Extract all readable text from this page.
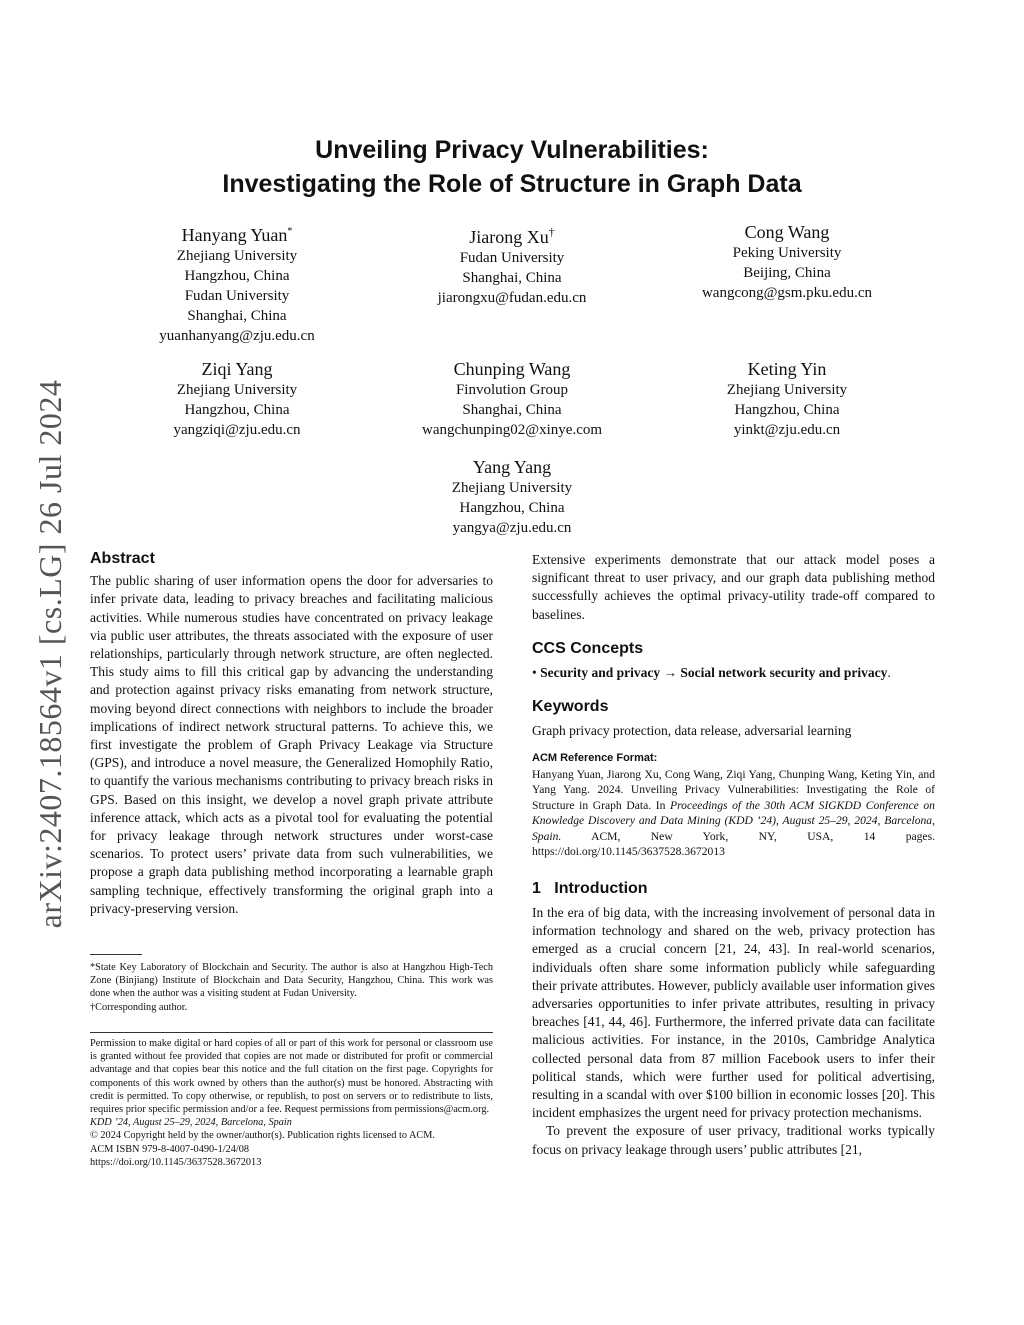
arXiv:2407.18564v1 [cs.LG] 26 Jul 2024
Unveiling Privacy Vulnerabilities:
Investigating the Role of Structure in Graph Data
Hanyang Yuan*
Zhejiang University
Hangzhou, China
Fudan University
Shanghai, China
yuanhanyang@zju.edu.cn
Jiarong Xu†
Fudan University
Shanghai, China
jiarongxu@fudan.edu.cn
Cong Wang
Peking University
Beijing, China
wangcong@gsm.pku.edu.cn
Ziqi Yang
Zhejiang University
Hangzhou, China
yangziqi@zju.edu.cn
Chunping Wang
Finvolution Group
Shanghai, China
wangchunping02@xinye.com
Keting Yin
Zhejiang University
Hangzhou, China
yinkt@zju.edu.cn
Yang Yang
Zhejiang University
Hangzhou, China
yangya@zju.edu.cn
Abstract

The public sharing of user information opens the door for adversaries to infer private data, leading to privacy breaches and facilitating malicious activities. While numerous studies have concentrated on privacy leakage via public user attributes, the threats associated with the exposure of user relationships, particularly through network structure, are often neglected. This study aims to fill this critical gap by advancing the understanding and protection against privacy risks emanating from network structure, moving beyond direct connections with neighbors to include the broader implications of indirect network structural patterns. To achieve this, we first investigate the problem of Graph Privacy Leakage via Structure (GPS), and introduce a novel measure, the Generalized Homophily Ratio, to quantify the various mechanisms contributing to privacy breach risks in GPS. Based on this insight, we develop a novel graph private attribute inference attack, which acts as a pivotal tool for evaluating the potential for privacy leakage through network structures under worst-case scenarios. To protect users’ private data from such vulnerabilities, we propose a graph data publishing method incorporating a learnable graph sampling technique, effectively transforming the original graph into a privacy-preserving version.

*State Key Laboratory of Blockchain and Security. The author is also at Hangzhou High-Tech Zone (Binjiang) Institute of Blockchain and Data Security, Hangzhou, China. This work was done when the author was a visiting student at Fudan University.
†Corresponding author.
Permission to make digital or hard copies of all or part of this work for personal or classroom use is granted without fee provided that copies are not made or distributed for profit or commercial advantage and that copies bear this notice and the full citation on the first page. Copyrights for components of this work owned by others than the author(s) must be honored. Abstracting with credit is permitted. To copy otherwise, or republish, to post on servers or to redistribute to lists, requires prior specific permission and/or a fee. Request permissions from permissions@acm.org.
KDD ’24, August 25–29, 2024, Barcelona, Spain
© 2024 Copyright held by the owner/author(s). Publication rights licensed to ACM.
ACM ISBN 979-8-4007-0490-1/24/08
https://doi.org/10.1145/3637528.3672013

Extensive experiments demonstrate that our attack model poses a significant threat to user privacy, and our graph data publishing method successfully achieves the optimal privacy-utility trade-off compared to baselines.

CCS Concepts

• Security and privacy → Social network security and privacy.

Keywords

Graph privacy protection, data release, adversarial learning

ACM Reference Format:
Hanyang Yuan, Jiarong Xu, Cong Wang, Ziqi Yang, Chunping Wang, Keting Yin, and Yang Yang. 2024. Unveiling Privacy Vulnerabilities: Investigating the Role of Structure in Graph Data. In Proceedings of the 30th ACM SIGKDD Conference on Knowledge Discovery and Data Mining (KDD ’24), August 25–29, 2024, Barcelona, Spain. ACM, New York, NY, USA, 14 pages. https://doi.org/10.1145/3637528.3672013
1 Introduction

In the era of big data, with the increasing involvement of personal data in information technology and shared on the web, privacy protection has emerged as a crucial concern [21, 24, 43]. In real-world scenarios, individuals often share some information publicly while safeguarding their private attributes. However, publicly available user information gives adversaries opportunities to infer private attributes, resulting in privacy breaches [41, 44, 46]. Furthermore, the inferred private data can facilitate malicious activities. For instance, in the 2010s, Cambridge Analytica collected personal data from 87 million Facebook users to infer their political stands, which were further used for political advertising, resulting in a scandal with over $100 billion in economic losses [20]. This incident emphasizes the urgent need for privacy protection mechanisms.

To prevent the exposure of user privacy, traditional works typically focus on privacy leakage through users’ public attributes [21,
